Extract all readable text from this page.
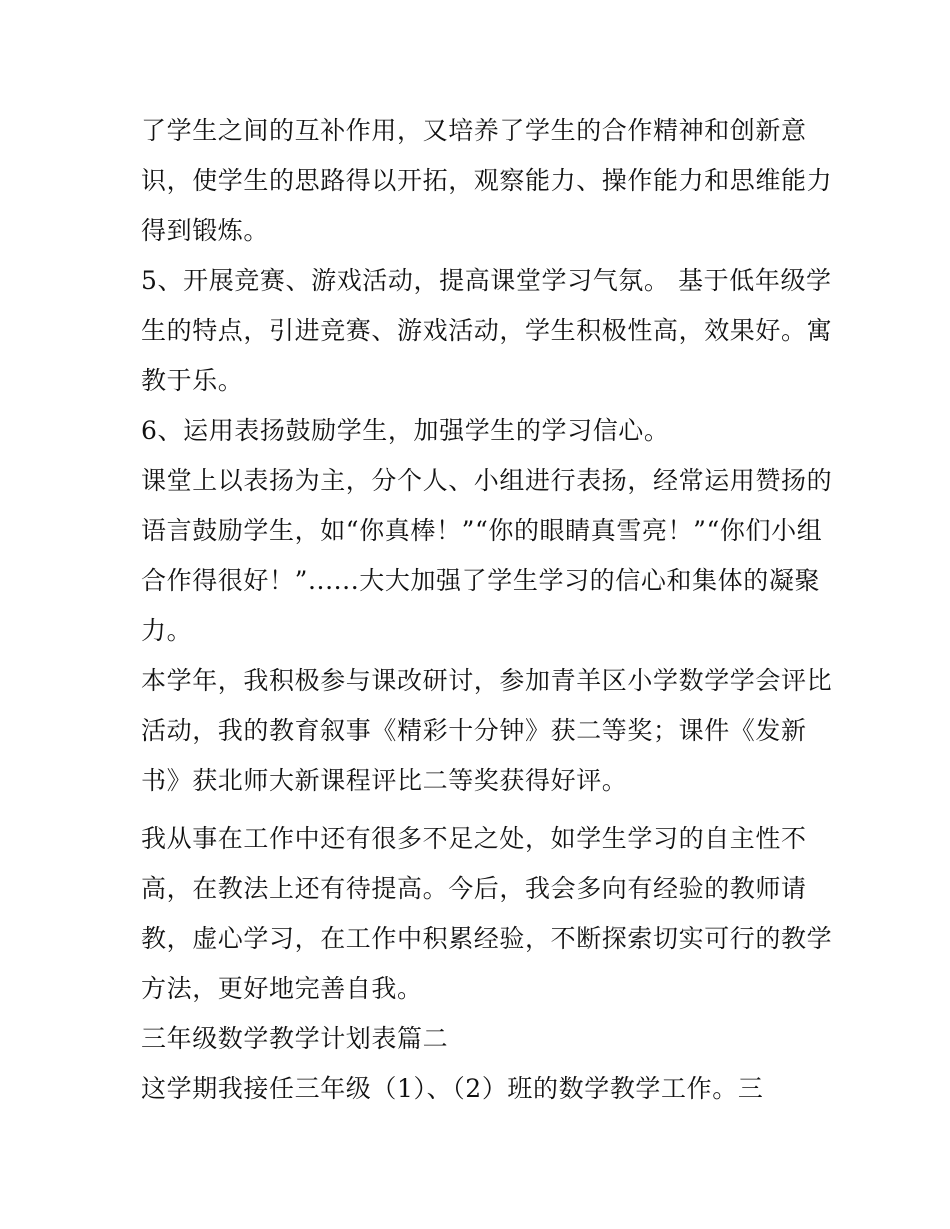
了学生之间的互补作用，又培养了学生的合作精神和创新意
识，使学生的思路得以开拓，观察能力、操作能力和思维能力
得到锻炼。
5、开展竞赛、游戏活动，提高课堂学习气氛。 基于低年级学
生的特点，引进竞赛、游戏活动，学生积极性高，效果好。寓
教于乐。
6、运用表扬鼓励学生，加强学生的学习信心。
课堂上以表扬为主，分个人、小组进行表扬，经常运用赞扬的
语言鼓励学生，如“你真棒！”“你的眼睛真雪亮！”“你们小组
合作得很好！”......大大加强了学生学习的信心和集体的凝聚
力。
本学年，我积极参与课改研讨，参加青羊区小学数学学会评比
活动，我的教育叙事《精彩十分钟》获二等奖；课件《发新
书》获北师大新课程评比二等奖获得好评。
我从事在工作中还有很多不足之处，如学生学习的自主性不
高，在教法上还有待提高。今后，我会多向有经验的教师请
教，虚心学习，在工作中积累经验，不断探索切实可行的教学
方法，更好地完善自我。
三年级数学教学计划表篇二
这学期我接任三年级（1）、（2）班的数学教学工作。三
